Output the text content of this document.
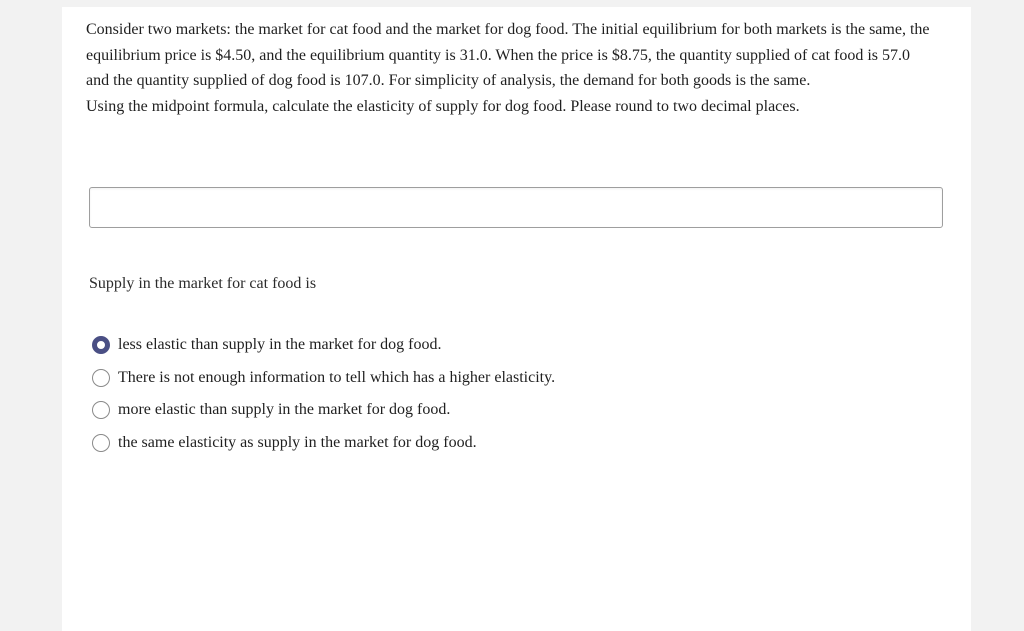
Consider two markets: the market for cat food and the market for dog food. The initial equilibrium for both markets is the same, the equilibrium price is $4.50, and the equilibrium quantity is 31.0. When the price is $8.75, the quantity supplied of cat food is 57.0 and the quantity supplied of dog food is 107.0. For simplicity of analysis, the demand for both goods is the same.

Using the midpoint formula, calculate the elasticity of supply for dog food. Please round to two decimal places.

Supply in the market for cat food is
less elastic than supply in the market for dog food.
There is not enough information to tell which has a higher elasticity.
more elastic than supply in the market for dog food.
the same elasticity as supply in the market for dog food.
